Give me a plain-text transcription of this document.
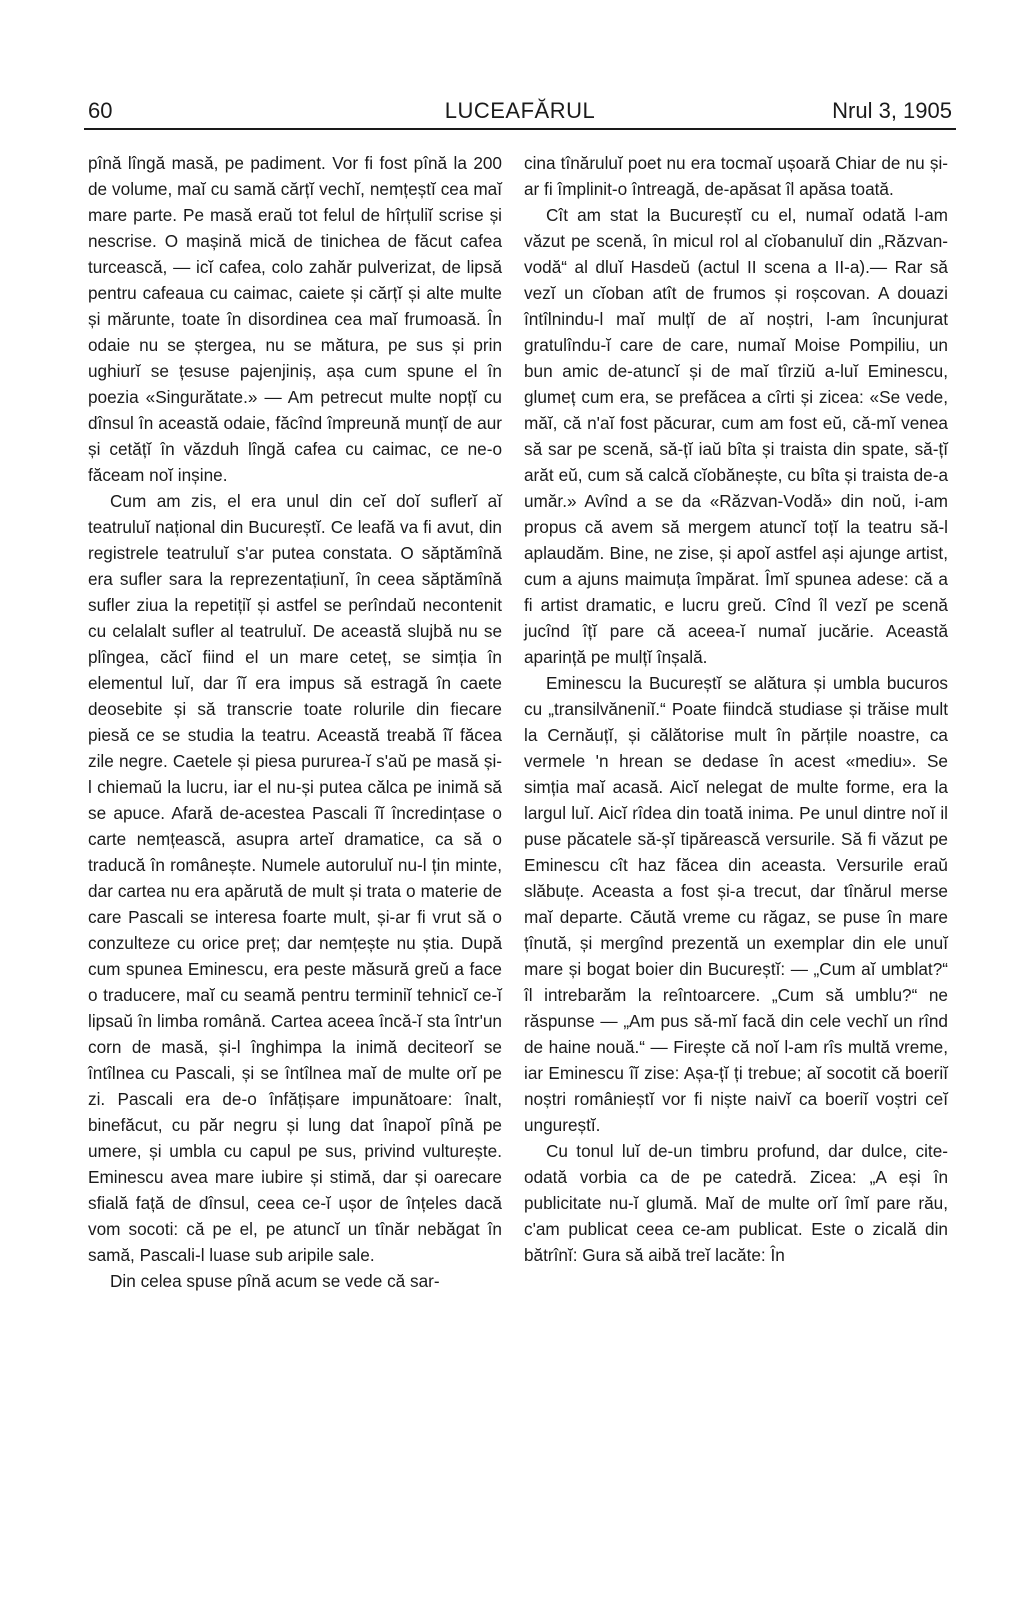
60	LUCEAFĂRUL	Nrul 3, 1905

pînă lîngă masă, pe padiment. Vor fi fost pînă la 200 de volume, maĭ cu samă cărțĭ vechĭ, nemțeștĭ cea maĭ mare parte. Pe masă eraŭ tot felul de hîrțuliĭ scrise și nescrise. O mașină mică de tinichea de făcut cafea turcească, — icĭ cafea, colo zahăr pulverizat, de lipsă pentru cafeaua cu caimac, caiete și cărțĭ și alte multe și mărunte, toate în disordinea cea maĭ frumoasă. În odaie nu se ștergea, nu se mătura, pe sus și prin ughiurĭ se țesuse pajenjiniș, așa cum spune el în poezia «Singurătate.» — Am petrecut multe nopțĭ cu dînsul în această odaie, făcînd împreună munțĭ de aur și cetățĭ în văzduh lîngă cafea cu caimac, ce ne-o făceam noĭ inșine.

Cum am zis, el era unul din ceĭ doĭ suflerĭ aĭ teatruluĭ național din Bucureștĭ. Ce leafă va fi avut, din registrele teatruluĭ s'ar putea constata. O săptămînă era sufler sara la reprezentațiunĭ, în ceea săptămînă sufler ziua la repetițiĭ și astfel se perîndaŭ necontenit cu celalalt sufler al teatruluĭ. De această slujbă nu se plîngea, căcĭ fiind el un mare ceteț, se simția în elementul luĭ, dar îĭ era impus să estragă în caete deosebite și să transcrie toate rolurile din fiecare piesă ce se studia la teatru. Această treabă îĭ făcea zile negre. Caetele și piesa pururea-ĭ s'aŭ pe masă și-l chiemaŭ la lucru, iar el nu-și putea călca pe inimă să se apuce. Afară de-acestea Pascali îĭ încredințase o carte nemțească, asupra arteĭ dramatice, ca să o traducă în românește. Numele autoruluĭ nu-l țin minte, dar cartea nu era apărută de mult și trata o materie de care Pascali se interesa foarte mult, și-ar fi vrut să o conzulteze cu orice preț; dar nemțește nu știa. După cum spunea Eminescu, era peste măsură greŭ a face o traducere, maĭ cu seamă pentru terminiĭ tehnicĭ ce-ĭ lipsaŭ în limba română. Cartea aceea încă-ĭ sta într'un corn de masă, și-l înghimpa la inimă deciteorĭ se întîlnea cu Pascali, și se întîlnea maĭ de multe orĭ pe zi. Pascali era de-o înfățișare impunătoare: înalt, binefăcut, cu păr negru și lung dat înapoĭ pînă pe umere, și umbla cu capul pe sus, privind vulturește. Eminescu avea mare iubire și stimă, dar și oarecare sfială față de dînsul, ceea ce-ĭ ușor de înțeles dacă vom socoti: că pe el, pe atuncĭ un tînăr nebăgat în samă, Pascali-l luase sub aripile sale.

Din celea spuse pînă acum se vede că sar-

cina tînăruluĭ poet nu era tocmaĭ ușoară Chiar de nu și-ar fi împlinit-o întreagă, de-apăsat îl apăsa toată.

Cît am stat la Bucureștĭ cu el, numaĭ odată l-am văzut pe scenă, în micul rol al cĭobanuluĭ din „Răzvan-vodă“ al dluĭ Hasdeŭ (actul II scena a II-a).— Rar să vezĭ un cĭoban atît de frumos și roșcovan. A douazi întîlnindu-l maĭ mulțĭ de aĭ noștri, l-am încunjurat gratulîndu-ĭ care de care, numaĭ Moise Pompiliu, un bun amic de-atuncĭ și de maĭ tîrziŭ a-luĭ Eminescu, glumeț cum era, se prefăcea a cîrti și zicea: «Se vede, măĭ, că n'aĭ fost păcurar, cum am fost eŭ, că-mĭ venea să sar pe scenă, să-țĭ iaŭ bîta și traista din spate, să-țĭ arăt eŭ, cum să calcă cĭobănește, cu bîta și traista de-a umăr.» Avînd a se da «Răzvan-Vodă» din noŭ, i-am propus că avem să mergem atuncĭ toțĭ la teatru să-l aplaudăm. Bine, ne zise, și apoĭ astfel ași ajunge artist, cum a ajuns maimuța împărat. Îmĭ spunea adese: că a fi artist dramatic, e lucru greŭ. Cînd îl vezĭ pe scenă jucînd îțĭ pare că aceea-ĭ numaĭ jucărie. Această aparință pe mulțĭ înșală.

Eminescu la Bucureștĭ se alătura și umbla bucuros cu „transilvăneniĭ.“ Poate fiindcă studiase și trăise mult la Cernăuțĭ, și călătorise mult în părțile noastre, ca vermele 'n hrean se dedase în acest «mediu». Se simția maĭ acasă. Aicĭ nelegat de multe forme, era la largul luĭ. Aicĭ rîdea din toată inima. Pe unul dintre noĭ il puse păcatele să-șĭ tipărească versurile. Să fi văzut pe Eminescu cît haz făcea din aceasta. Versurile eraŭ slăbuțe. Aceasta a fost și-a trecut, dar tînărul merse maĭ departe. Căută vreme cu răgaz, se puse în mare țînută, și mergînd prezentă un exemplar din ele unuĭ mare și bogat boier din Bucureștĭ: — „Cum aĭ umblat?“ îl intrebarăm la reîntoarcere. „Cum să umblu?“ ne răspunse — „Am pus să-mĭ facă din cele vechĭ un rînd de haine nouă.“ — Firește că noĭ l-am rîs multă vreme, iar Eminescu îĭ zise: Așa-țĭ ți trebue; aĭ socotit că boeriĭ noștri românieștĭ vor fi niște naivĭ ca boeriĭ voștri ceĭ ungureștĭ.

Cu tonul luĭ de-un timbru profund, dar dulce, cite-odată vorbia ca de pe catedră. Zicea: „A eși în publicitate nu-ĭ glumă. Maĭ de multe orĭ îmĭ pare rău, c'am publicat ceea ce-am publicat. Este o zicală din bătrînĭ: Gura să aibă treĭ lacăte: În
